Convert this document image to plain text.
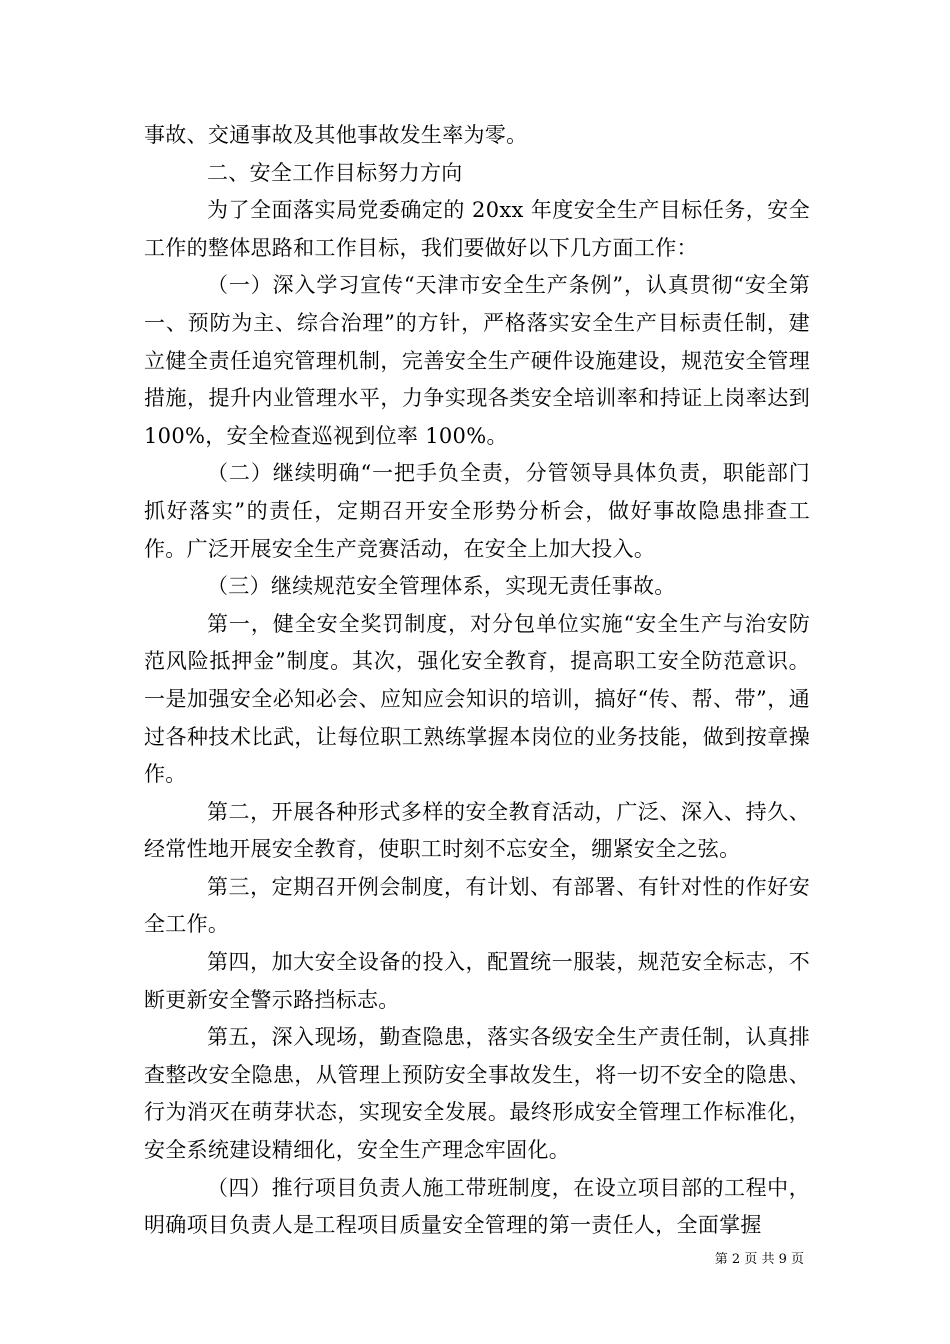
事故、交通事故及其他事故发生率为零。

二、安全工作目标努力方向

为了全面落实局党委确定的 20xx 年度安全生产目标任务，安全工作的整体思路和工作目标，我们要做好以下几方面工作：

（一）深入学习宣传“天津市安全生产条例”，认真贯彻“安全第一、预防为主、综合治理”的方针，严格落实安全生产目标责任制，建立健全责任追究管理机制，完善安全生产硬件设施建设，规范安全管理措施，提升内业管理水平，力争实现各类安全培训率和持证上岗率达到 100%，安全检查巡视到位率 100%。

（二）继续明确“一把手负全责，分管领导具体负责，职能部门抓好落实”的责任，定期召开安全形势分析会，做好事故隐患排查工作。广泛开展安全生产竞赛活动，在安全上加大投入。

（三）继续规范安全管理体系，实现无责任事故。

第一，健全安全奖罚制度，对分包单位实施“安全生产与治安防范风险抵押金”制度。其次，强化安全教育，提高职工安全防范意识。一是加强安全必知必会、应知应会知识的培训，搞好“传、帮、带”，通过各种技术比武，让每位职工熟练掌握本岗位的业务技能，做到按章操作。

第二，开展各种形式多样的安全教育活动，广泛、深入、持久、经常性地开展安全教育，使职工时刻不忘安全，绷紧安全之弦。

第三，定期召开例会制度，有计划、有部署、有针对性的作好安全工作。

第四，加大安全设备的投入，配置统一服装，规范安全标志，不断更新安全警示路挡标志。

第五，深入现场，勤查隐患，落实各级安全生产责任制，认真排查整改安全隐患，从管理上预防安全事故发生，将一切不安全的隐患、行为消灭在萌芽状态，实现安全发展。最终形成安全管理工作标准化，安全系统建设精细化，安全生产理念牢固化。

（四）推行项目负责人施工带班制度，在设立项目部的工程中，明确项目负责人是工程项目质量安全管理的第一责任人，全面掌握

第 2 页 共 9 页
